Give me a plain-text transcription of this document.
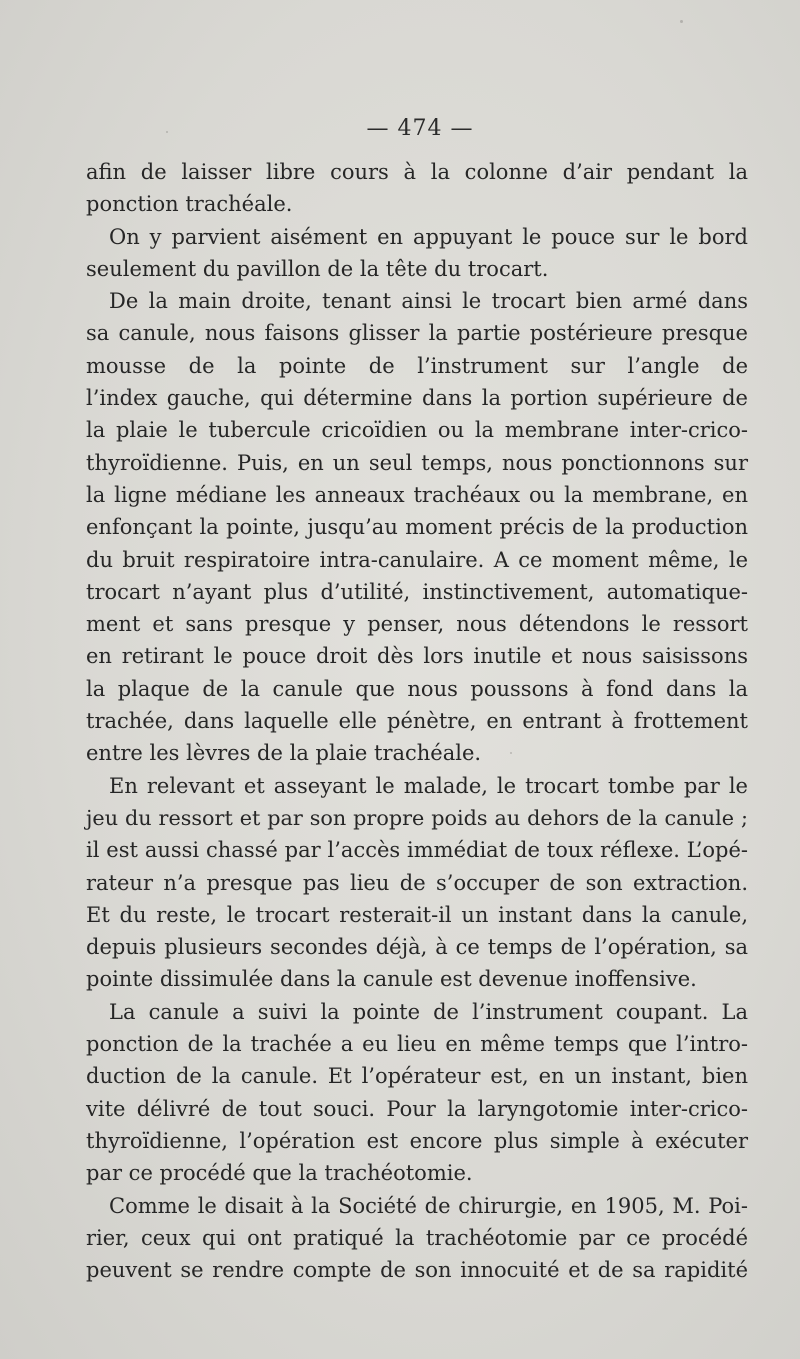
— 474 —
afin de laisser libre cours à la colonne d’air pendant la
ponction trachéale.
On y parvient aisément en appuyant le pouce sur le bord
seulement du pavillon de la tête du trocart.
De la main droite, tenant ainsi le trocart bien armé dans
sa canule, nous faisons glisser la partie postérieure presque
mousse de la pointe de l’instrument sur l’angle de
l’index gauche, qui détermine dans la portion supérieure de
la plaie le tubercule cricoïdien ou la membrane inter-crico-
thyroïdienne. Puis, en un seul temps, nous ponctionnons sur
la ligne médiane les anneaux trachéaux ou la membrane, en
enfonçant la pointe, jusqu’au moment précis de la production
du bruit respiratoire intra-canulaire. A ce moment même, le
trocart n’ayant plus d’utilité, instinctivement, automatique-
ment et sans presque y penser, nous détendons le ressort
en retirant le pouce droit dès lors inutile et nous saisissons
la plaque de la canule que nous poussons à fond dans la
trachée, dans laquelle elle pénètre, en entrant à frottement
entre les lèvres de la plaie trachéale.
En relevant et asseyant le malade, le trocart tombe par le
jeu du ressort et par son propre poids au dehors de la canule ;
il est aussi chassé par l’accès immédiat de toux réflexe. L’opé-
rateur n’a presque pas lieu de s’occuper de son extraction.
Et du reste, le trocart resterait-il un instant dans la canule,
depuis plusieurs secondes déjà, à ce temps de l’opération, sa
pointe dissimulée dans la canule est devenue inoffensive.
La canule a suivi la pointe de l’instrument coupant. La
ponction de la trachée a eu lieu en même temps que l’intro-
duction de la canule. Et l’opérateur est, en un instant, bien
vite délivré de tout souci. Pour la laryngotomie inter-crico-
thyroïdienne, l’opération est encore plus simple à exécuter
par ce procédé que la trachéotomie.
Comme le disait à la Société de chirurgie, en 1905, M. Poi-
rier, ceux qui ont pratiqué la trachéotomie par ce procédé
peuvent se rendre compte de son innocuité et de sa rapidité
